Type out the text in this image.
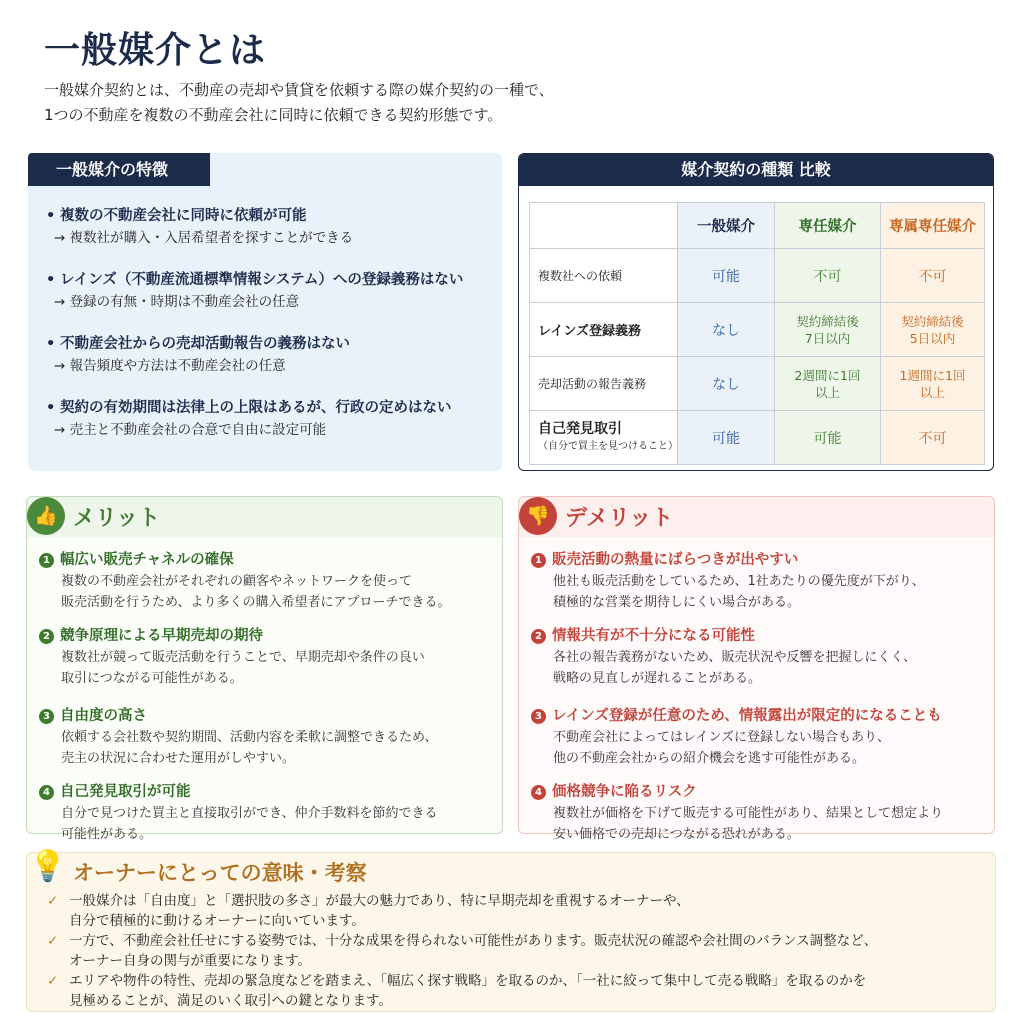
一般媒介とは
一般媒介契約とは、不動産の売却や賃貸を依頼する際の媒介契約の一種で、
1つの不動産を複数の不動産会社に同時に依頼できる契約形態です。
一般媒介の特徴
• 複数の不動産会社に同時に依頼が可能
→ 複数社が購入・入居希望者を探すことができる
• レインズ（不動産流通標準情報システム）への登録義務はない
→ 登録の有無・時期は不動産会社の任意
• 不動産会社からの売却活動報告の義務はない
→ 報告頻度や方法は不動産会社の任意
• 契約の有効期間は法律上の上限はあるが、行政の定めはない
→ 売主と不動産会社の合意で自由に設定可能
媒介契約の種類 比較
	一般媒介	専任媒介	専属専任媒介
複数社への依頼	可能	不可	不可
レインズ登録義務	なし	契約締結後 7日以内	契約締結後 5日以内
売却活動の報告義務	なし	2週間に1回 以上	1週間に1回 以上
自己発見取引
（自分で買主を見つけること）	可能	可能	不可
👍 メリット
1 幅広い販売チャネルの確保
複数の不動産会社がそれぞれの顧客やネットワークを使って
販売活動を行うため、より多くの購入希望者にアプローチできる。
2 競争原理による早期売却の期待
複数社が競って販売活動を行うことで、早期売却や条件の良い
取引につながる可能性がある。
3 自由度の高さ
依頼する会社数や契約期間、活動内容を柔軟に調整できるため、
売主の状況に合わせた運用がしやすい。
4 自己発見取引が可能
自分で見つけた買主と直接取引ができ、仲介手数料を節約できる
可能性がある。
👎 デメリット
1 販売活動の熱量にばらつきが出やすい
他社も販売活動をしているため、1社あたりの優先度が下がり、
積極的な営業を期待しにくい場合がある。
2 情報共有が不十分になる可能性
各社の報告義務がないため、販売状況や反響を把握しにくく、
戦略の見直しが遅れることがある。
3 レインズ登録が任意のため、情報露出が限定的になることも
不動産会社によってはレインズに登録しない場合もあり、
他の不動産会社からの紹介機会を逃す可能性がある。
4 価格競争に陥るリスク
複数社が価格を下げて販売する可能性があり、結果として想定より
安い価格での売却につながる恐れがある。
💡 オーナーにとっての意味・考察
✓ 一般媒介は「自由度」と「選択肢の多さ」が最大の魅力であり、特に早期売却を重視するオーナーや、
自分で積極的に動けるオーナーに向いています。
✓ 一方で、不動産会社任せにする姿勢では、十分な成果を得られない可能性があります。販売状況の確認や会社間のバランス調整など、
オーナー自身の関与が重要になります。
✓ エリアや物件の特性、売却の緊急度などを踏まえ、「幅広く探す戦略」を取るのか、「一社に絞って集中して売る戦略」を取るのかを
見極めることが、満足のいく取引への鍵となります。
